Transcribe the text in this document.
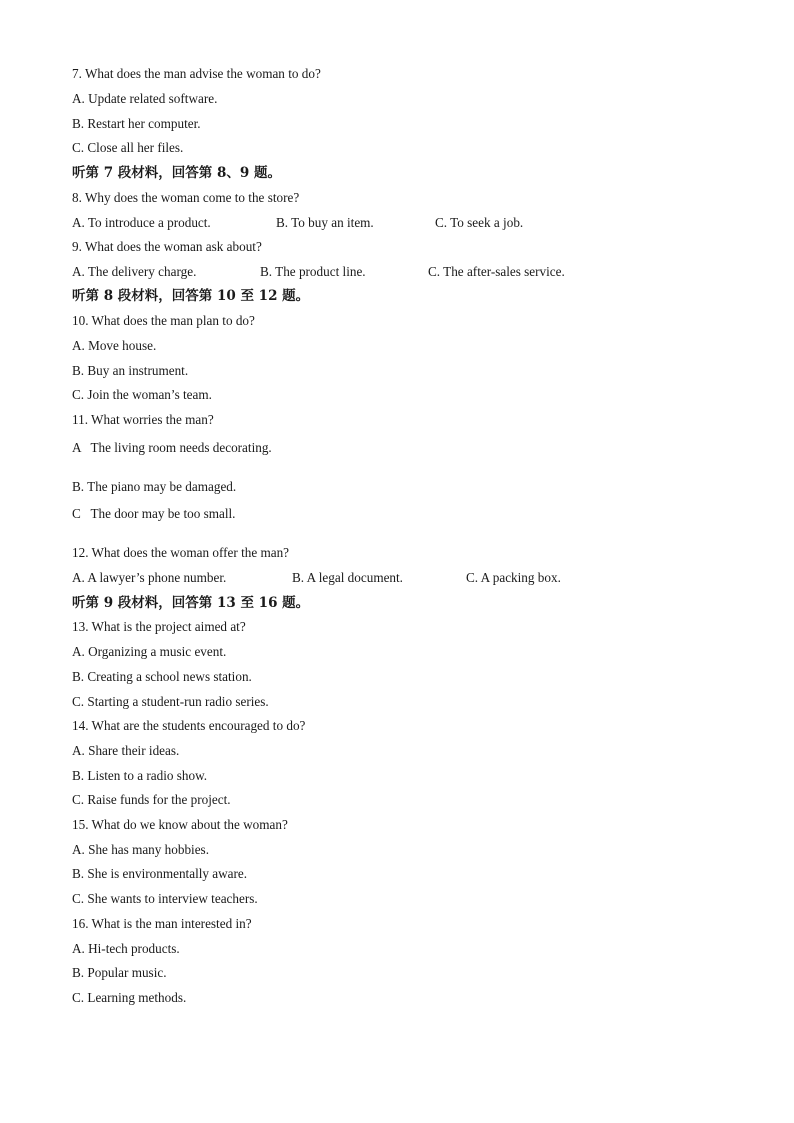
7. What does the man advise the woman to do?
A. Update related software.
B. Restart her computer.
C. Close all her files.
听第 7 段材料，回答第 8、9 题。
8. Why does the woman come to the store?
A. To introduce a product.	B. To buy an item.	C. To seek a job.
9. What does the woman ask about?
A. The delivery charge.	B. The product line.	C. The after-sales service.
听第 8 段材料，回答第 10 至 12 题。
10. What does the man plan to do?
A. Move house.
B. Buy an instrument.
C. Join the woman’s team.
11. What worries the man?
A   The living room needs decorating.
B. The piano may be damaged.
C   The door may be too small.
12. What does the woman offer the man?
A. A lawyer’s phone number.	B. A legal document.	C. A packing box.
听第 9 段材料，回答第 13 至 16 题。
13. What is the project aimed at?
A. Organizing a music event.
B. Creating a school news station.
C. Starting a student-run radio series.
14. What are the students encouraged to do?
A. Share their ideas.
B. Listen to a radio show.
C. Raise funds for the project.
15. What do we know about the woman?
A. She has many hobbies.
B. She is environmentally aware.
C. She wants to interview teachers.
16. What is the man interested in?
A. Hi-tech products.
B. Popular music.
C. Learning methods.
